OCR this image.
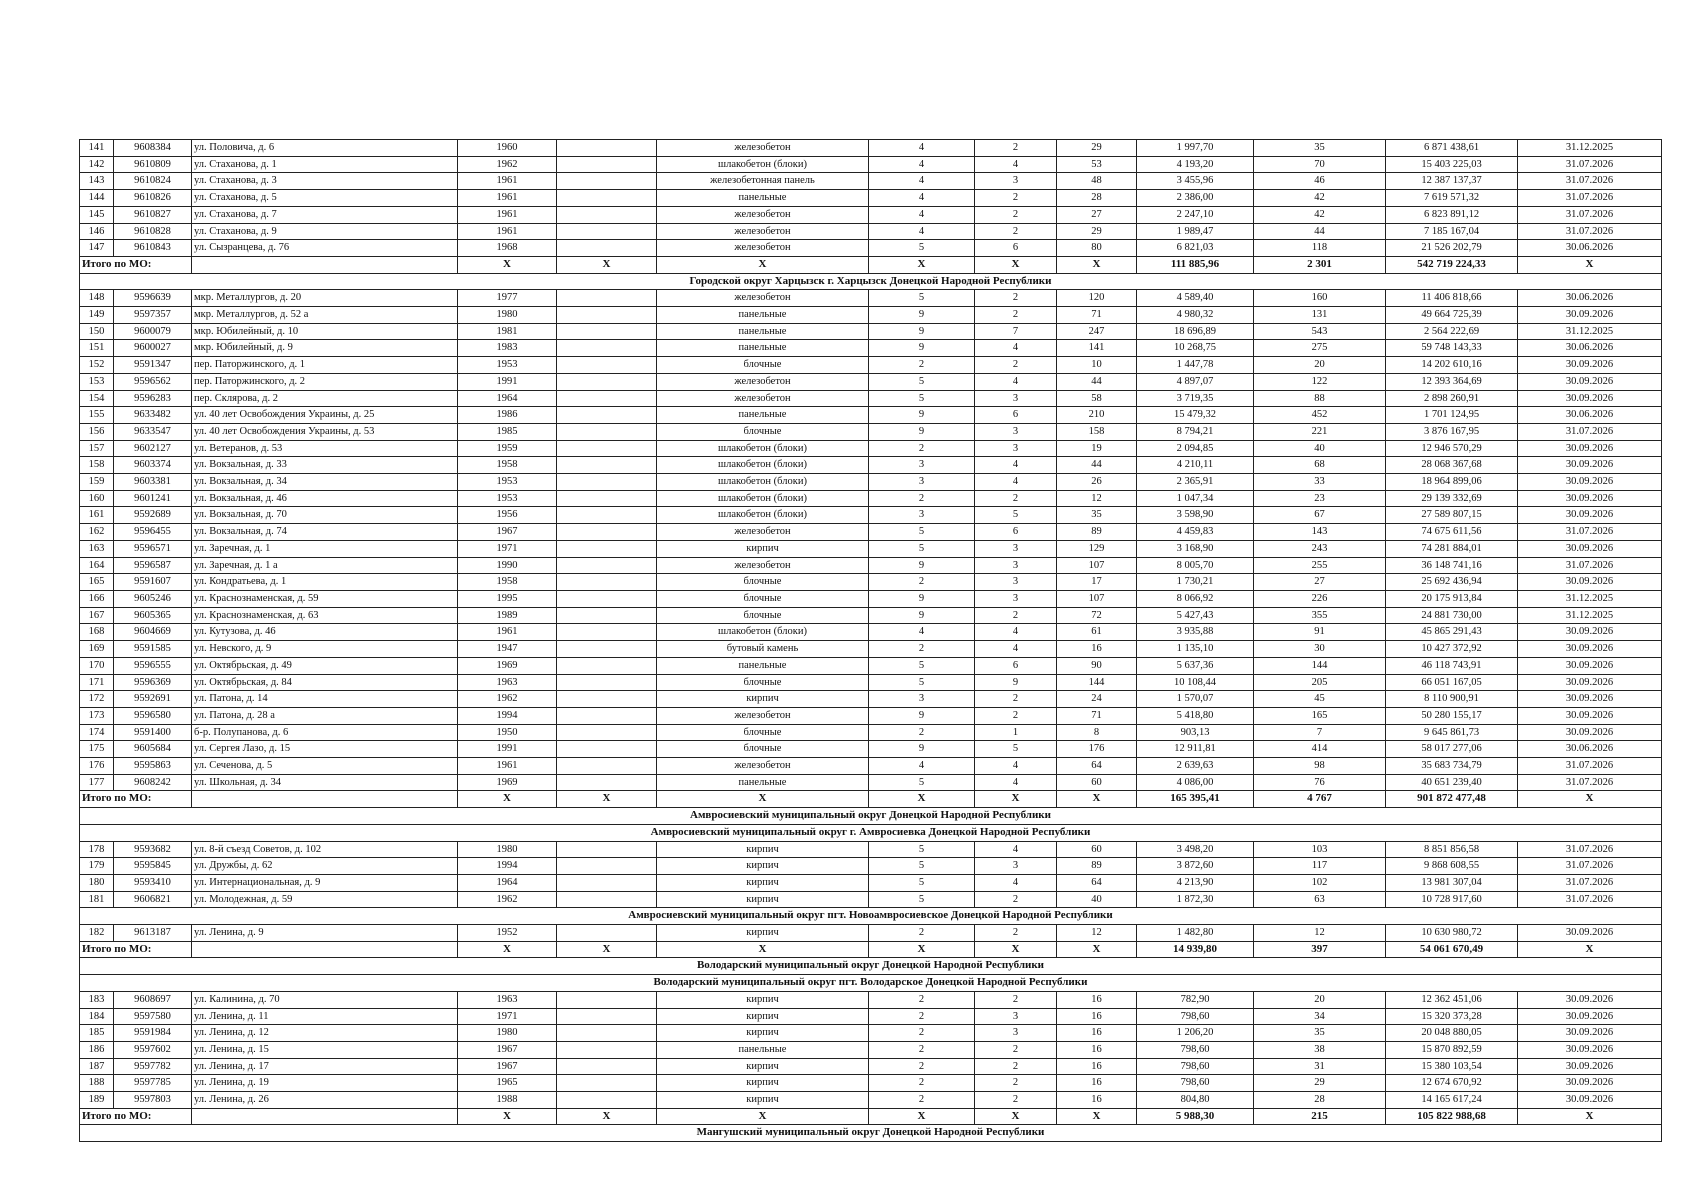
141	9608384	ул. Половича, д. 6	1960		железобетон	4	2	29	1 997,70	35	6 871 438,61	31.12.2025
142	9610809	ул. Стаханова, д. 1	1962		шлакобетон (блоки)	4	4	53	4 193,20	70	15 403 225,03	31.07.2026
143	9610824	ул. Стаханова, д. 3	1961		железобетонная панель	4	3	48	3 455,96	46	12 387 137,37	31.07.2026
144	9610826	ул. Стаханова, д. 5	1961		панельные	4	2	28	2 386,00	42	7 619 571,32	31.07.2026
145	9610827	ул. Стаханова, д. 7	1961		железобетон	4	2	27	2 247,10	42	6 823 891,12	31.07.2026
146	9610828	ул. Стаханова, д. 9	1961		железобетон	4	2	29	1 989,47	44	7 185 167,04	31.07.2026
147	9610843	ул. Сызранцева, д. 76	1968		железобетон	5	6	80	6 821,03	118	21 526 202,79	30.06.2026
Итого по МО:			X	X	X	X	X	X	111 885,96	2 301	542 719 224,33	X
Городской округ Харцызск г. Харцызск Донецкой Народной Республики												
148	9596639	мкр. Металлургов, д. 20	1977		железобетон	5	2	120	4 589,40	160	11 406 818,66	30.06.2026
149	9597357	мкр. Металлургов, д. 52 а	1980		панельные	9	2	71	4 980,32	131	49 664 725,39	30.09.2026
150	9600079	мкр. Юбилейный, д. 10	1981		панельные	9	7	247	18 696,89	543	2 564 222,69	31.12.2025
151	9600027	мкр. Юбилейный, д. 9	1983		панельные	9	4	141	10 268,75	275	59 748 143,33	30.06.2026
152	9591347	пер. Паторжинского, д. 1	1953		блочные	2	2	10	1 447,78	20	14 202 610,16	30.09.2026
153	9596562	пер. Паторжинского, д. 2	1991		железобетон	5	4	44	4 897,07	122	12 393 364,69	30.09.2026
154	9596283	пер. Склярова, д. 2	1964		железобетон	5	3	58	3 719,35	88	2 898 260,91	30.09.2026
155	9633482	ул. 40 лет Освобождения Украины, д. 25	1986		панельные	9	6	210	15 479,32	452	1 701 124,95	30.06.2026
156	9633547	ул. 40 лет Освобождения Украины, д. 53	1985		блочные	9	3	158	8 794,21	221	3 876 167,95	31.07.2026
157	9602127	ул. Ветеранов, д. 53	1959		шлакобетон (блоки)	2	3	19	2 094,85	40	12 946 570,29	30.09.2026
158	9603374	ул. Вокзальная, д. 33	1958		шлакобетон (блоки)	3	4	44	4 210,11	68	28 068 367,68	30.09.2026
159	9603381	ул. Вокзальная, д. 34	1953		шлакобетон (блоки)	3	4	26	2 365,91	33	18 964 899,06	30.09.2026
160	9601241	ул. Вокзальная, д. 46	1953		шлакобетон (блоки)	2	2	12	1 047,34	23	29 139 332,69	30.09.2026
161	9592689	ул. Вокзальная, д. 70	1956		шлакобетон (блоки)	3	5	35	3 598,90	67	27 589 807,15	30.09.2026
162	9596455	ул. Вокзальная, д. 74	1967		железобетон	5	6	89	4 459,83	143	74 675 611,56	31.07.2026
163	9596571	ул. Заречная, д. 1	1971		кирпич	5	3	129	3 168,90	243	74 281 884,01	30.09.2026
164	9596587	ул. Заречная, д. 1 а	1990		железобетон	9	3	107	8 005,70	255	36 148 741,16	31.07.2026
165	9591607	ул. Кондратьева, д. 1	1958		блочные	2	3	17	1 730,21	27	25 692 436,94	30.09.2026
166	9605246	ул. Краснознаменская, д. 59	1995		блочные	9	3	107	8 066,92	226	20 175 913,84	31.12.2025
167	9605365	ул. Краснознаменская, д. 63	1989		блочные	9	2	72	5 427,43	355	24 881 730,00	31.12.2025
168	9604669	ул. Кутузова, д. 46	1961		шлакобетон (блоки)	4	4	61	3 935,88	91	45 865 291,43	30.09.2026
169	9591585	ул. Невского, д. 9	1947		бутовый камень	2	4	16	1 135,10	30	10 427 372,92	30.09.2026
170	9596555	ул. Октябрьская, д. 49	1969		панельные	5	6	90	5 637,36	144	46 118 743,91	30.09.2026
171	9596369	ул. Октябрьская, д. 84	1963		блочные	5	9	144	10 108,44	205	66 051 167,05	30.09.2026
172	9592691	ул. Патона, д. 14	1962		кирпич	3	2	24	1 570,07	45	8 110 900,91	30.09.2026
173	9596580	ул. Патона, д. 28 а	1994		железобетон	9	2	71	5 418,80	165	50 280 155,17	30.09.2026
174	9591400	б-р. Полупанова, д. 6	1950		блочные	2	1	8	903,13	7	9 645 861,73	30.09.2026
175	9605684	ул. Сергея Лазо, д. 15	1991		блочные	9	5	176	12 911,81	414	58 017 277,06	30.06.2026
176	9595863	ул. Сеченова, д. 5	1961		железобетон	4	4	64	2 639,63	98	35 683 734,79	31.07.2026
177	9608242	ул. Школьная, д. 34	1969		панельные	5	4	60	4 086,00	76	40 651 239,40	31.07.2026
Итого по МО:			X	X	X	X	X	X	165 395,41	4 767	901 872 477,48	X
Амвросиевский муниципальный округ Донецкой Народной Республики												
Амвросиевский муниципальный округ г. Амвросиевка Донецкой Народной Республики												
178	9593682	ул. 8-й съезд Советов, д. 102	1980		кирпич	5	4	60	3 498,20	103	8 851 856,58	31.07.2026
179	9595845	ул. Дружбы, д. 62	1994		кирпич	5	3	89	3 872,60	117	9 868 608,55	31.07.2026
180	9593410	ул. Интернациональная, д. 9	1964		кирпич	5	4	64	4 213,90	102	13 981 307,04	31.07.2026
181	9606821	ул. Молодежная, д. 59	1962		кирпич	5	2	40	1 872,30	63	10 728 917,60	31.07.2026
Амвросиевский муниципальный округ пгт. Новоамвросиевское Донецкой Народной Республики												
182	9613187	ул. Ленина, д. 9	1952		кирпич	2	2	12	1 482,80	12	10 630 980,72	30.09.2026
Итого по МО:			X	X	X	X	X	X	14 939,80	397	54 061 670,49	X
Володарский муниципальный округ Донецкой Народной Республики												
Володарский муниципальный округ пгт. Володарское Донецкой Народной Республики												
183	9608697	ул. Калинина, д. 70	1963		кирпич	2	2	16	782,90	20	12 362 451,06	30.09.2026
184	9597580	ул. Ленина, д. 11	1971		кирпич	2	3	16	798,60	34	15 320 373,28	30.09.2026
185	9591984	ул. Ленина, д. 12	1980		кирпич	2	3	16	1 206,20	35	20 048 880,05	30.09.2026
186	9597602	ул. Ленина, д. 15	1967		панельные	2	2	16	798,60	38	15 870 892,59	30.09.2026
187	9597782	ул. Ленина, д. 17	1967		кирпич	2	2	16	798,60	31	15 380 103,54	30.09.2026
188	9597785	ул. Ленина, д. 19	1965		кирпич	2	2	16	798,60	29	12 674 670,92	30.09.2026
189	9597803	ул. Ленина, д. 26	1988		кирпич	2	2	16	804,80	28	14 165 617,24	30.09.2026
Итого по МО:			X	X	X	X	X	X	5 988,30	215	105 822 988,68	X
Мангушский муниципальный округ Донецкой Народной Республики												
